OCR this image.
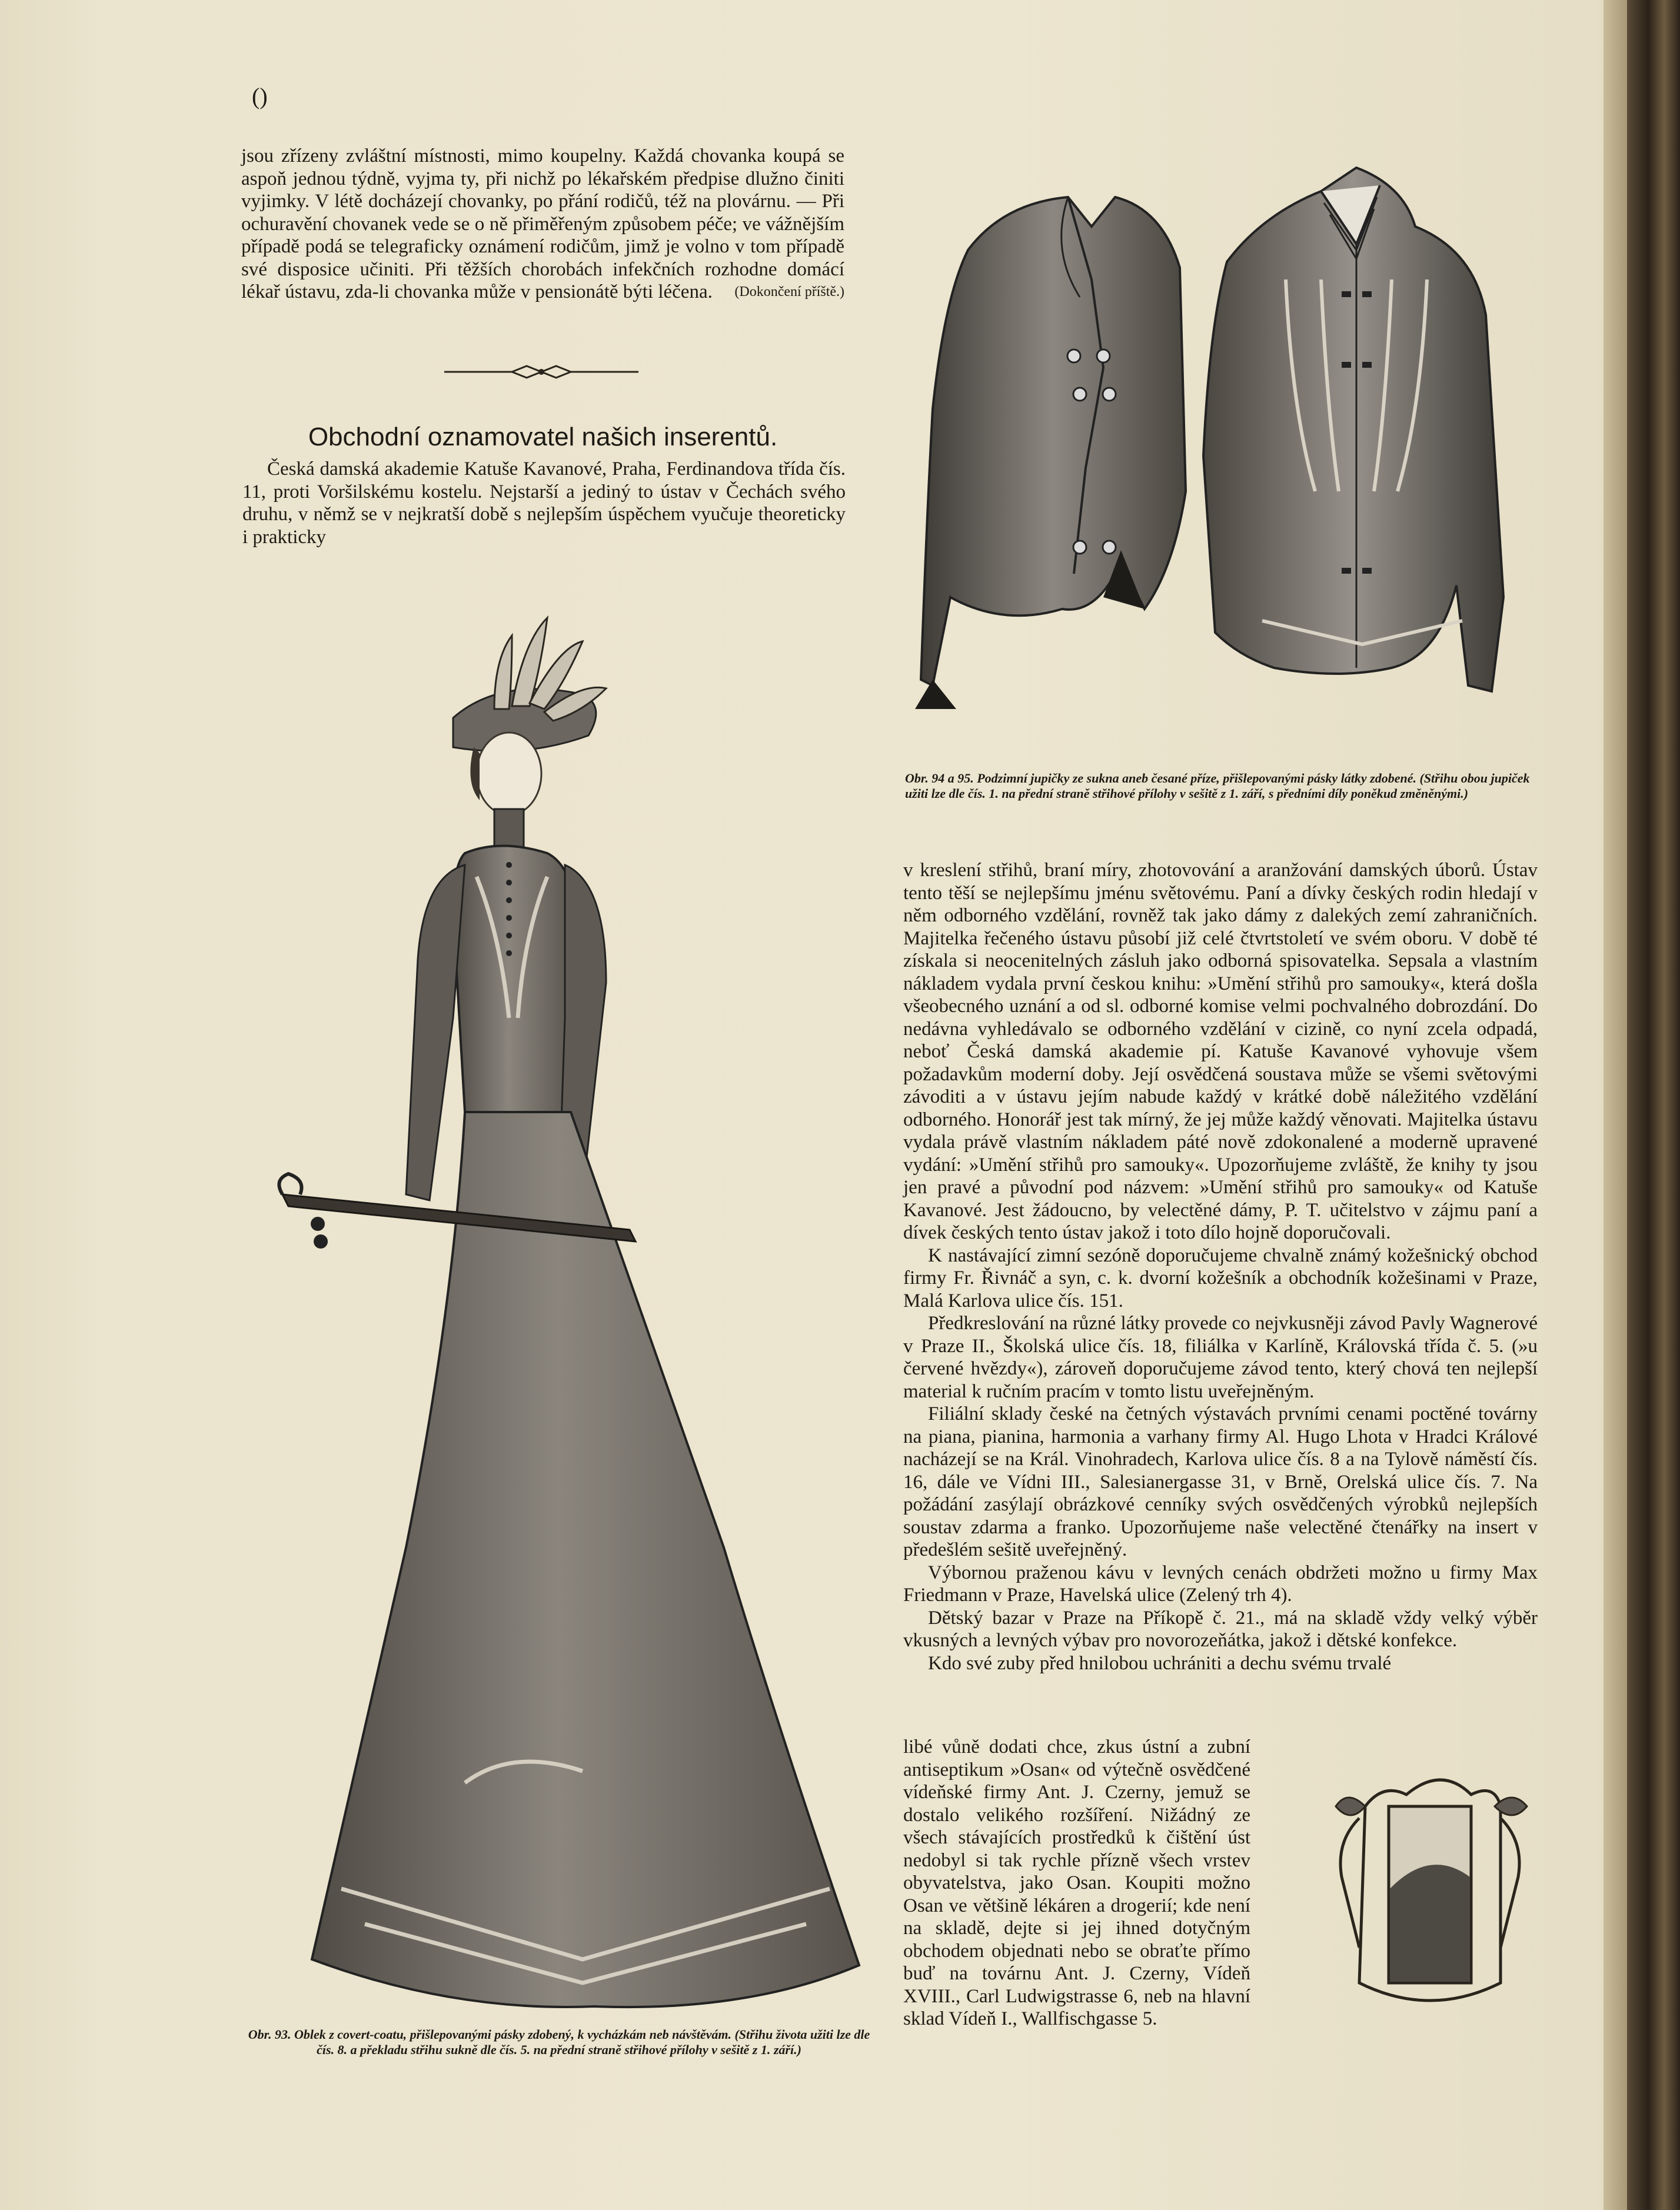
()

jsou zřízeny zvláštní místnosti, mimo koupelny. Každá chovanka koupá se aspoň jednou týdně, vyjma ty, při nichž po lékařském předpise dlužno činiti vyjimky. V létě docházejí chovanky, po přání rodičů, též na plovárnu. — Při ochuravění chovanek vede se o ně přiměřeným způsobem péče; ve vážnějším případě podá se telegraficky oznámení rodičům, jimž je volno v tom případě své disposice učiniti. Při těžších chorobách infekčních rozhodne domácí lékař ústavu, zda-li chovanka může v pensionátě býti léčena. (Dokončení příště.)

Obchodní oznamovatel našich inserentů.

Česká damská akademie Katuše Kavanové, Praha, Ferdinandova třída čís. 11, proti Voršilskému kostelu. Nejstarší a jediný to ústav v Čechách svého druhu, v němž se v nejkratší době s nejlepším úspěchem vyučuje theoreticky i prakticky

Obr. 94 a 95. Podzimní jupičky ze sukna aneb česané příze, přišlepovanými pásky látky zdobené. (Střihu obou jupiček užiti lze dle čís. 1. na přední straně střihové přílohy v sešitě z 1. září, s předními díly poněkud změněnými.)

Obr. 93. Oblek z covert-coatu, přišlepovanými pásky zdobený, k vycházkám neb návštěvám. (Střihu života užiti lze dle čís. 8. a překladu střihu sukně dle čís. 5. na přední straně střihové přílohy v sešitě z 1. září.)

v kreslení střihů, braní míry, zhotovování a aranžování damských úborů. Ústav tento těší se nejlepšímu jménu světovému. Paní a dívky českých rodin hledají v něm odborného vzdělání, rovněž tak jako dámy z dalekých zemí zahraničních. Majitelka řečeného ústavu působí již celé čtvrtstoletí ve svém oboru. V době té získala si neocenitelných zásluh jako odborná spisovatelka. Sepsala a vlastním nákladem vydala první českou knihu: »Umění střihů pro samouky«, která došla všeobecného uznání a od sl. odborné komise velmi pochvalného dobrozdání. Do nedávna vyhledávalo se odborného vzdělání v cizině, co nyní zcela odpadá, neboť Česká damská akademie pí. Katuše Kavanové vyhovuje všem požadavkům moderní doby. Její osvědčená soustava může se všemi světovými závoditi a v ústavu jejím nabude každý v krátké době náležitého vzdělání odborného. Honorář jest tak mírný, že jej může každý věnovati. Majitelka ústavu vydala právě vlastním nákladem páté nově zdokonalené a moderně upravené vydání: »Umění střihů pro samouky«. Upozorňujeme zvláště, že knihy ty jsou jen pravé a původní pod názvem: »Umění střihů pro samouky« od Katuše Kavanové. Jest žádoucno, by velectěné dámy, P. T. učitelstvo v zájmu paní a dívek českých tento ústav jakož i toto dílo hojně doporučovali.

K nastávající zimní sezóně doporučujeme chvalně známý kožešnický obchod firmy Fr. Řivnáč a syn, c. k. dvorní kožešník a obchodník kožešinami v Praze, Malá Karlova ulice čís. 151.

Předkreslování na různé látky provede co nejvkusněji závod Pavly Wagnerové v Praze II., Školská ulice čís. 18, filiálka v Karlíně, Královská třída č. 5. (»u červené hvězdy«), zároveň doporučujeme závod tento, který chová ten nejlepší material k ručním pracím v tomto listu uveřejněným.

Filiální sklady české na četných výstavách prvními cenami poctěné továrny na piana, pianina, harmonia a varhany firmy Al. Hugo Lhota v Hradci Králové nacházejí se na Král. Vinohradech, Karlova ulice čís. 8 a na Tylově náměstí čís. 16, dále ve Vídni III., Salesianergasse 31, v Brně, Orelská ulice čís. 7. Na požádání zasýlají obrázkové cenníky svých osvědčených výrobků nejlepších soustav zdarma a franko. Upozorňujeme naše velectěné čtenářky na insert v předešlém sešitě uveřejněný.

Výbornou praženou kávu v levných cenách obdržeti možno u firmy Max Friedmann v Praze, Havelská ulice (Zelený trh 4).

Dětský bazar v Praze na Příkopě č. 21., má na skladě vždy velký výběr vkusných a levných výbav pro novorozeňátka, jakož i dětské konfekce.

Kdo své zuby před hnilobou uchrániti a dechu svému trvalé

libé vůně dodati chce, zkus ústní a zubní antiseptikum »Osan« od výtečně osvědčené vídeňské firmy Ant. J. Czerny, jemuž se dostalo velikého rozšíření. Nižádný ze všech stávajících prostředků k čištění úst nedobyl si tak rychle přízně všech vrstev obyvatelstva, jako Osan. Koupiti možno Osan ve většině lékáren a drogerií; kde není na skladě, dejte si jej ihned dotyčným obchodem objednati nebo se obraťte přímo buď na továrnu Ant. J. Czerny, Vídeň XVIII., Carl Ludwigstrasse 6, neb na hlavní sklad Vídeň I., Wallfischgasse 5.
